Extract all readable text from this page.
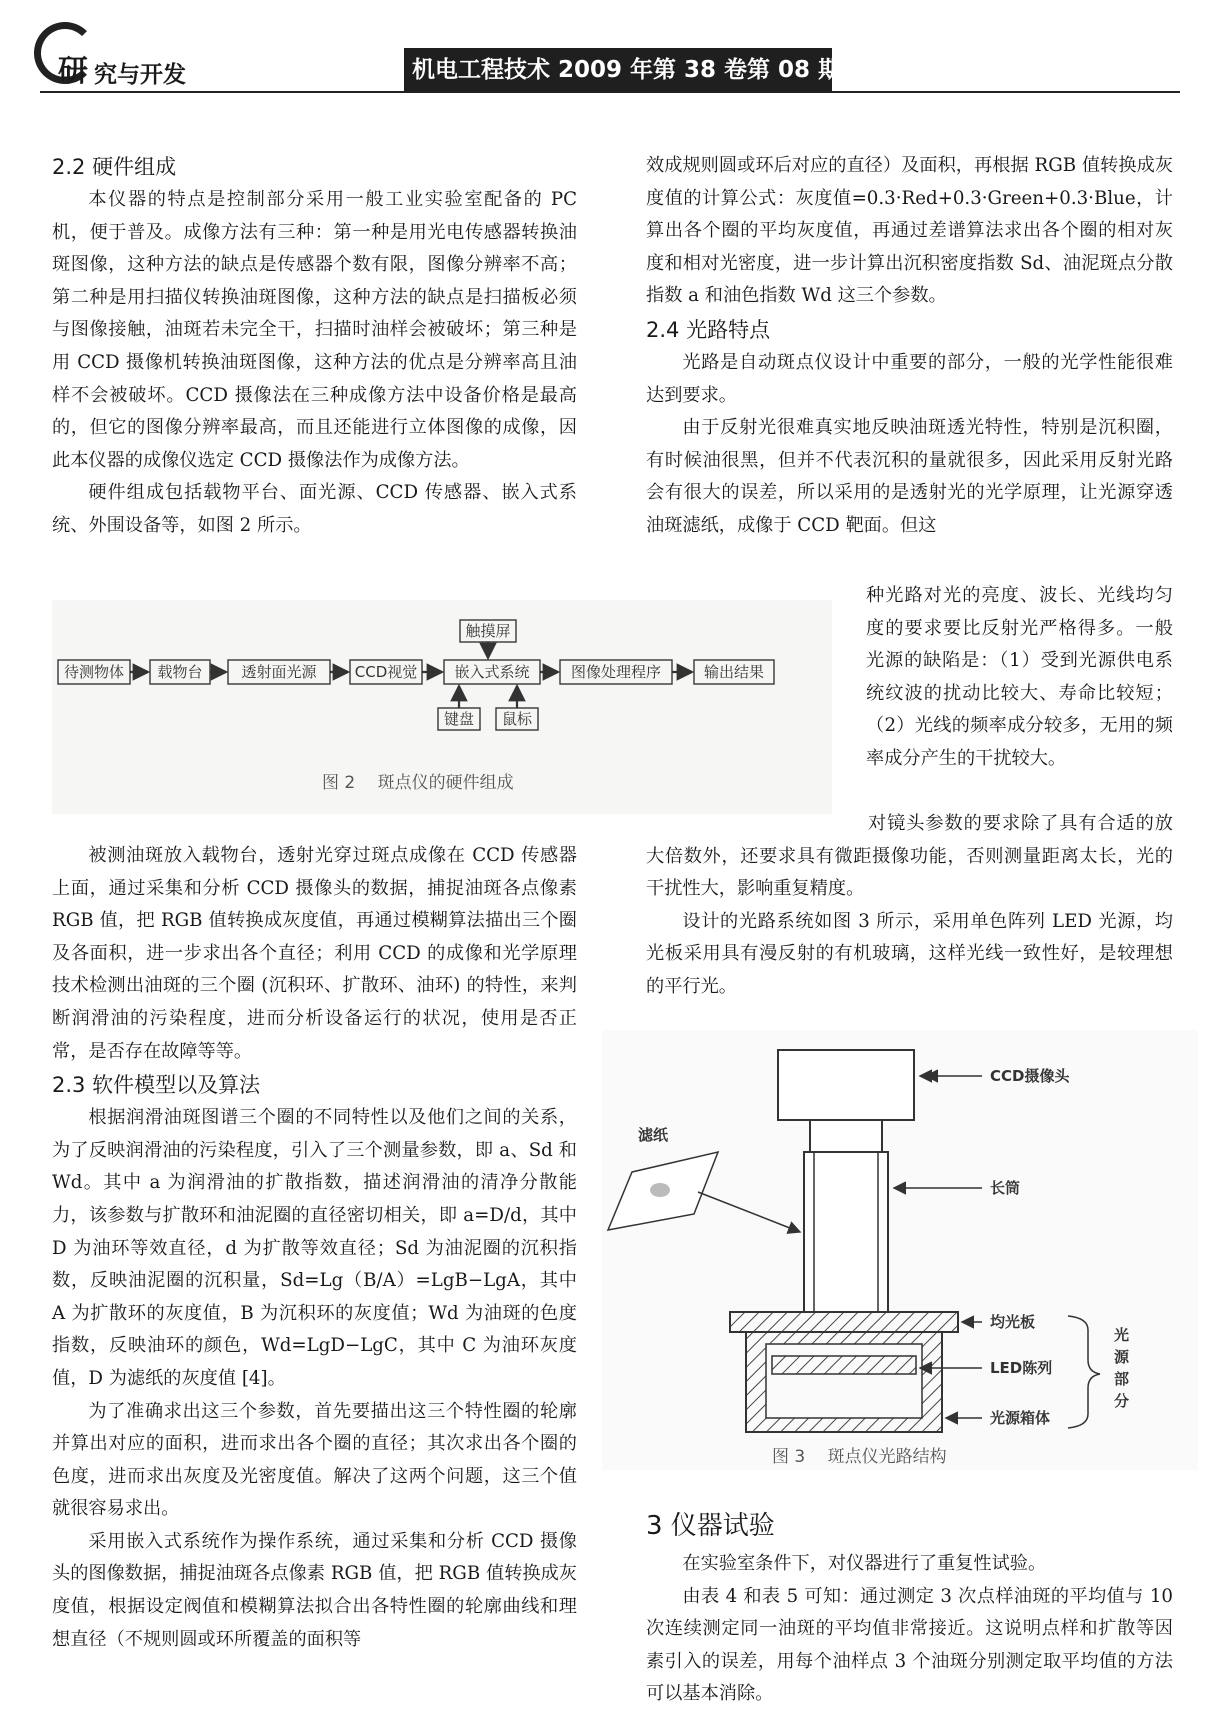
研 究与开发	机电工程技术 2009 年第 38 卷第 08 期
2.2 硬件组成

本仪器的特点是控制部分采用一般工业实验室配备的 PC 机，便于普及。成像方法有三种：第一种是用光电传感器转换油斑图像，这种方法的缺点是传感器个数有限，图像分辨率不高；第二种是用扫描仪转换油斑图像，这种方法的缺点是扫描板必须与图像接触，油斑若未完全干，扫描时油样会被破坏；第三种是用 CCD 摄像机转换油斑图像，这种方法的优点是分辨率高且油样不会被破坏。CCD 摄像法在三种成像方法中设备价格是最高的，但它的图像分辨率最高，而且还能进行立体图像的成像，因此本仪器的成像仪选定 CCD 摄像法作为成像方法。

硬件组成包括载物平台、面光源、CCD 传感器、嵌入式系统、外围设备等，如图 2 所示。

待测物体 载物台	透射面光源	CCD视觉 嵌入式系统	图像处理程序	输出结果
触摸屏
键盘 鼠标
图 2　 斑点仪的硬件组成

被测油斑放入载物台，透射光穿过斑点成像在 CCD 传感器上面，通过采集和分析 CCD 摄像头的数据，捕捉油斑各点像素 RGB 值，把 RGB 值转换成灰度值，再通过模糊算法描出三个圈及各面积，进一步求出各个直径；利用 CCD 的成像和光学原理技术检测出油斑的三个圈 (沉积环、扩散环、油环) 的特性，来判断润滑油的污染程度，进而分析设备运行的状况，使用是否正常，是否存在故障等等。

2.3 软件模型以及算法

根据润滑油斑图谱三个圈的不同特性以及他们之间的关系，为了反映润滑油的污染程度，引入了三个测量参数，即 a、Sd 和 Wd。其中 a 为润滑油的扩散指数，描述润滑油的清净分散能力，该参数与扩散环和油泥圈的直径密切相关，即 a=D/d，其中 D 为油环等效直径，d 为扩散等效直径；Sd 为油泥圈的沉积指数，反映油泥圈的沉积量，Sd=Lg（B/A）=LgB−LgA，其中 A 为扩散环的灰度值，B 为沉积环的灰度值；Wd 为油斑的色度指数，反映油环的颜色，Wd=LgD−LgC，其中 C 为油环灰度值，D 为滤纸的灰度值 [4]。

为了准确求出这三个参数，首先要描出这三个特性圈的轮廓并算出对应的面积，进而求出各个圈的直径；其次求出各个圈的色度，进而求出灰度及光密度值。解决了这两个问题，这三个值就很容易求出。

采用嵌入式系统作为操作系统，通过采集和分析 CCD 摄像头的图像数据，捕捉油斑各点像素 RGB 值，把 RGB 值转换成灰度值，根据设定阀值和模糊算法拟合出各特性圈的轮廓曲线和理想直径（不规则圆或环所覆盖的面积等

效成规则圆或环后对应的直径）及面积，再根据 RGB 值转换成灰度值的计算公式：灰度值=0.3·Red+0.3·Green+0.3·Blue，计算出各个圈的平均灰度值，再通过差谱算法求出各个圈的相对灰度和相对光密度，进一步计算出沉积密度指数 Sd、油泥斑点分散指数 a 和油色指数 Wd 这三个参数。

2.4 光路特点

光路是自动斑点仪设计中重要的部分，一般的光学性能很难达到要求。

由于反射光很难真实地反映油斑透光特性，特别是沉积圈，有时候油很黑，但并不代表沉积的量就很多，因此采用反射光路会有很大的误差，所以采用的是透射光的光学原理，让光源穿透油斑滤纸，成像于 CCD 靶面。但这

种光路对光的亮度、波长、光线均匀度的要求要比反射光严格得多。一般光源的缺陷是：（1）受到光源供电系统纹波的扰动比较大、寿命比较短；（2）光线的频率成分较多，无用的频率成分产生的干扰较大。

对镜头参数的要求除了具有合适的放大倍数外，还要求具有微距摄像功能，否则测量距离太长，光的干扰性大，影响重复精度。

设计的光路系统如图 3 所示，采用单色阵列 LED 光源，均光板采用具有漫反射的有机玻璃，这样光线一致性好，是较理想的平行光。

CCD摄像头
长筒
滤纸
均光板
LED陈列
光源箱体
光
源
部
分
图 3　 斑点仪光路结构
3 仪器试验

在实验室条件下，对仪器进行了重复性试验。

由表 4 和表 5 可知：通过测定 3 次点样油斑的平均值与 10 次连续测定同一油斑的平均值非常接近。这说明点样和扩散等因素引入的误差，用每个油样点 3 个油斑分别测定取平均值的方法可以基本消除。
